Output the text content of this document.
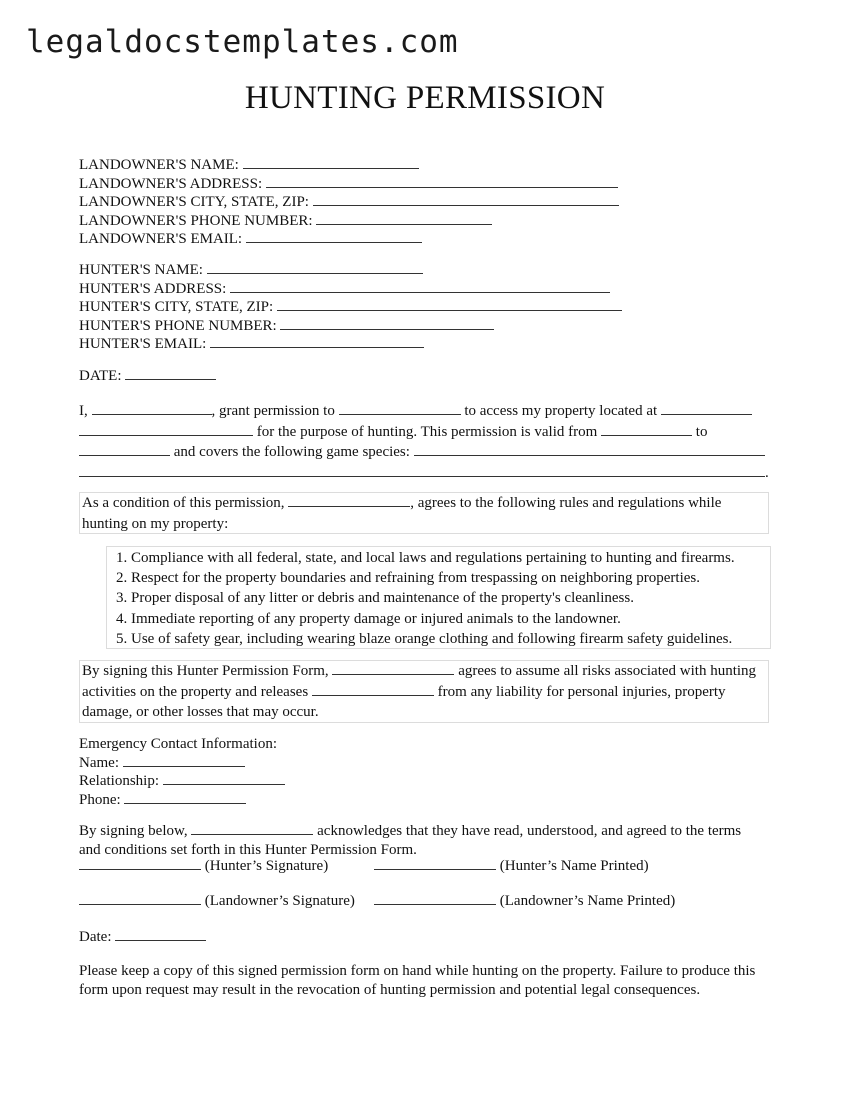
legaldocstemplates.com
HUNTING PERMISSION
LANDOWNER'S NAME:
LANDOWNER'S ADDRESS:
LANDOWNER'S CITY, STATE, ZIP:
LANDOWNER'S PHONE NUMBER:
LANDOWNER'S EMAIL:
HUNTER'S NAME:
HUNTER'S ADDRESS:
HUNTER'S CITY, STATE, ZIP:
HUNTER'S PHONE NUMBER:
HUNTER'S EMAIL:
DATE:
I,	, grant permission to	to access my property located at
for the purpose of hunting. This permission is valid from	to
and covers the following game species:
.
As a condition of this permission,	, agrees to the following rules and regulations while
hunting on my property:
1. Compliance with all federal, state, and local laws and regulations pertaining to hunting and firearms.
2. Respect for the property boundaries and refraining from trespassing on neighboring properties.
3. Proper disposal of any litter or debris and maintenance of the property's cleanliness.
4. Immediate reporting of any property damage or injured animals to the landowner.
5. Use of safety gear, including wearing blaze orange clothing and following firearm safety guidelines.
By signing this Hunter Permission Form,	agrees to assume all risks associated with hunting
activities on the property and releases	from any liability for personal injuries, property
damage, or other losses that may occur.
Emergency Contact Information:
Name:
Relationship:
Phone:
By signing below,	acknowledges that they have read, understood, and agreed to the terms
and conditions set forth in this Hunter Permission Form.
(Hunter’s Signature)	(Hunter’s Name Printed)
(Landowner’s Signature)	(Landowner’s Name Printed)
Date:
Please keep a copy of this signed permission form on hand while hunting on the property. Failure to produce this
form upon request may result in the revocation of hunting permission and potential legal consequences.
